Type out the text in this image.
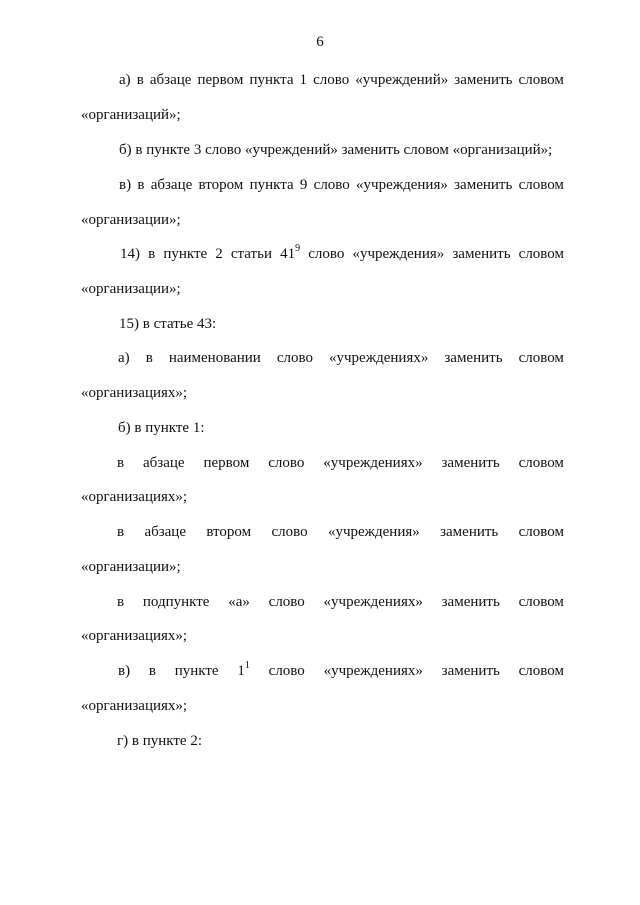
6
а) в абзаце первом пункта 1 слово «учреждений» заменить словом
«организаций»;
б) в пункте 3 слово «учреждений» заменить словом «организаций»;
в) в абзаце втором пункта 9 слово «учреждения» заменить словом
«организации»;
14) в пункте 2 статьи $41^9$ слово «учреждения» заменить словом
«организации»;
15) в статье 43:
а) в наименовании слово «учреждениях» заменить словом
«организациях»;
б) в пункте 1:
в абзаце первом слово «учреждениях» заменить словом
«организациях»;
в абзаце втором слово «учреждения» заменить словом
«организации»;
в подпункте «а» слово «учреждениях» заменить словом
«организациях»;
в) в пункте $1^1$ слово «учреждениях» заменить словом
«организациях»;
г) в пункте 2:
